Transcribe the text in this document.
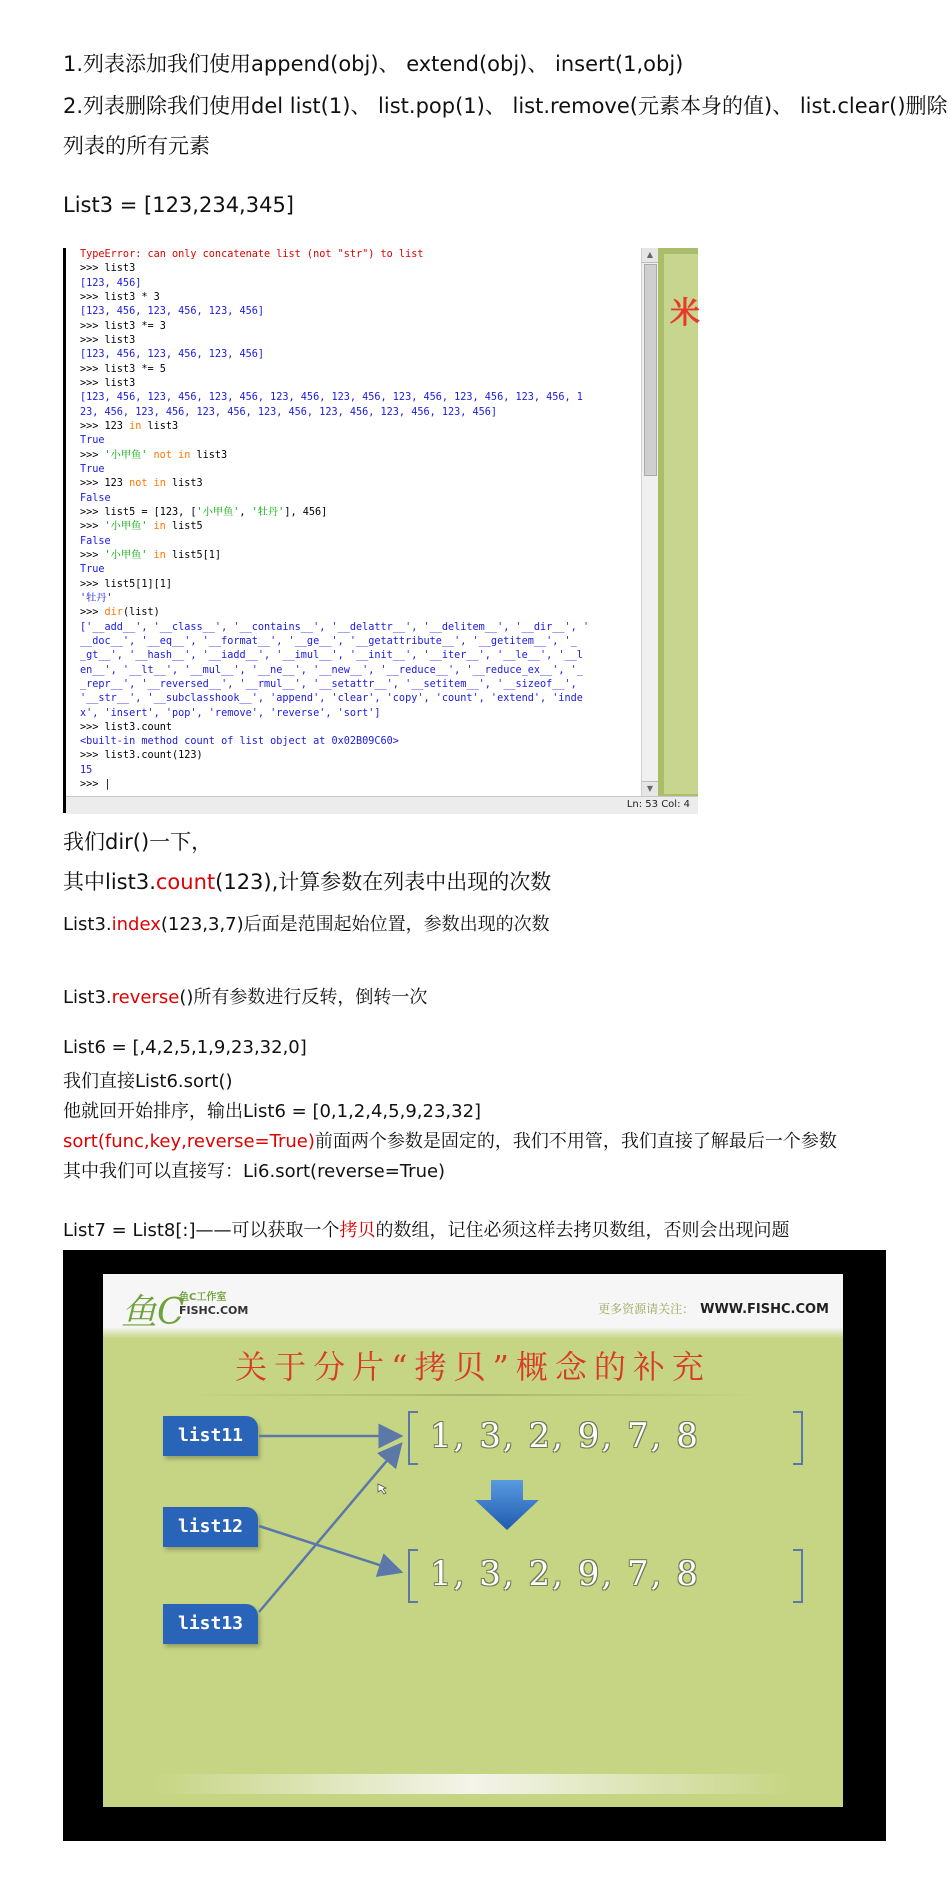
1.列表添加我们使用append(obj)、 extend(obj)、 insert(1,obj)
2.列表删除我们使用del list(1)、 list.pop(1)、 list.remove(元素本身的值)、 list.clear()删除
列表的所有元素
List3 = [123,234,345]
TypeError: can only concatenate list (not "str") to list
>>> list3
[123, 456]
>>> list3 * 3
[123, 456, 123, 456, 123, 456]
>>> list3 *= 3
>>> list3
[123, 456, 123, 456, 123, 456]
>>> list3 *= 5
>>> list3
[123, 456, 123, 456, 123, 456, 123, 456, 123, 456, 123, 456, 123, 456, 123, 456, 1
23, 456, 123, 456, 123, 456, 123, 456, 123, 456, 123, 456, 123, 456]
>>> 123 in list3
True
>>> '小甲鱼' not in list3
True
>>> 123 not in list3
False
>>> list5 = [123, ['小甲鱼', '牡丹'], 456]
>>> '小甲鱼' in list5
False
>>> '小甲鱼' in list5[1]
True
>>> list5[1][1]
'牡丹'
>>> dir(list)
['__add__', '__class__', '__contains__', '__delattr__', '__delitem__', '__dir__', '
__doc__', '__eq__', '__format__', '__ge__', '__getattribute__', '__getitem__', '_
_gt__', '__hash__', '__iadd__', '__imul__', '__init__', '__iter__', '__le__', '__l
en__', '__lt__', '__mul__', '__ne__', '__new__', '__reduce__', '__reduce_ex__', '_
_repr__', '__reversed__', '__rmul__', '__setattr__', '__setitem__', '__sizeof__',
'__str__', '__subclasshook__', 'append', 'clear', 'copy', 'count', 'extend', 'inde
x', 'insert', 'pop', 'remove', 'reverse', 'sort']
>>> list3.count
<built-in method count of list object at 0x02B09C60>
>>> list3.count(123)
15
>>> |
▲
▼
米
Ln: 53 Col: 4
我们dir()一下，
其中list3.count(123),计算参数在列表中出现的次数
List3.index(123,3,7)后面是范围起始位置，参数出现的次数
List3.reverse()所有参数进行反转，倒转一次
List6 = [,4,2,5,1,9,23,32,0]
我们直接List6.sort()
他就回开始排序，输出List6 = [0,1,2,4,5,9,23,32]
sort(func,key,reverse=True)前面两个参数是固定的，我们不用管，我们直接了解最后一个参数
其中我们可以直接写：Li6.sort(reverse=True)
List7 = List8[:]——可以获取一个拷贝的数组，记住必须这样去拷贝数组，否则会出现问题
鱼C
鱼C工作室
FISHC.COM	更多资源请关注： WWW.FISHC.COM
关于分片“拷贝”概念的补充
list11
list12
list13
1, 3, 2, 9, 7, 8
1, 3, 2, 9, 7, 8
